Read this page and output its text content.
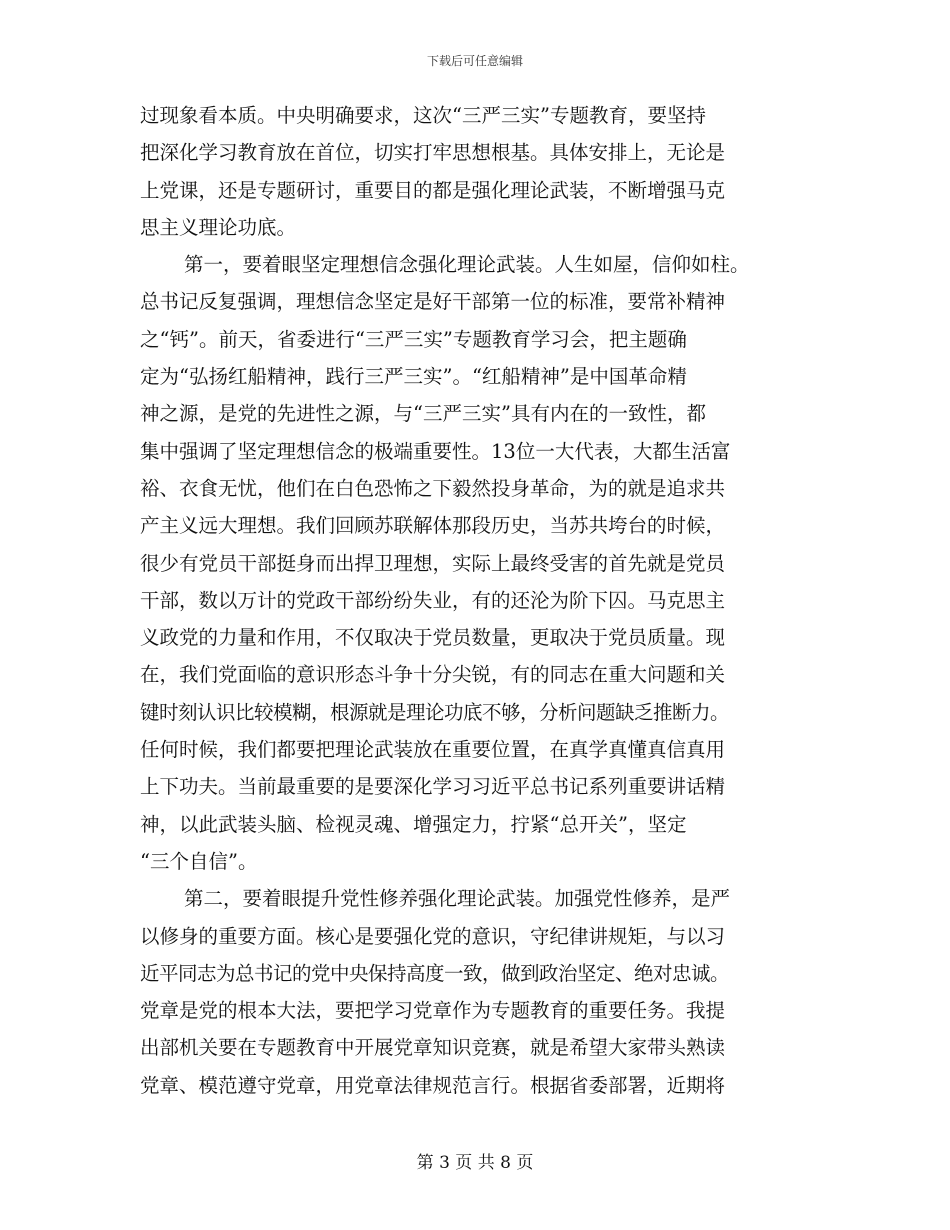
下载后可任意编辑
过现象看本质。中央明确要求，这次“三严三实”专题教育，要坚持
把深化学习教育放在首位，切实打牢思想根基。具体安排上，无论是
上党课，还是专题研讨，重要目的都是强化理论武装，不断增强马克
思主义理论功底。
第一，要着眼坚定理想信念强化理论武装。人生如屋，信仰如柱。
总书记反复强调，理想信念坚定是好干部第一位的标准，要常补精神
之“钙”。前天，省委进行“三严三实”专题教育学习会，把主题确
定为“弘扬红船精神，践行三严三实”。“红船精神”是中国革命精
神之源，是党的先进性之源，与“三严三实”具有内在的一致性，都
集中强调了坚定理想信念的极端重要性。13位一大代表，大都生活富
裕、衣食无忧，他们在白色恐怖之下毅然投身革命，为的就是追求共
产主义远大理想。我们回顾苏联解体那段历史，当苏共垮台的时候，
很少有党员干部挺身而出捍卫理想，实际上最终受害的首先就是党员
干部，数以万计的党政干部纷纷失业，有的还沦为阶下囚。马克思主
义政党的力量和作用，不仅取决于党员数量，更取决于党员质量。现
在，我们党面临的意识形态斗争十分尖锐，有的同志在重大问题和关
键时刻认识比较模糊，根源就是理论功底不够，分析问题缺乏推断力。
任何时候，我们都要把理论武装放在重要位置，在真学真懂真信真用
上下功夫。当前最重要的是要深化学习习近平总书记系列重要讲话精
神，以此武装头脑、检视灵魂、增强定力，拧紧“总开关”，坚定
“三个自信”。
第二，要着眼提升党性修养强化理论武装。加强党性修养，是严
以修身的重要方面。核心是要强化党的意识，守纪律讲规矩，与以习
近平同志为总书记的党中央保持高度一致，做到政治坚定、绝对忠诚。
党章是党的根本大法，要把学习党章作为专题教育的重要任务。我提
出部机关要在专题教育中开展党章知识竞赛，就是希望大家带头熟读
党章、模范遵守党章，用党章法律规范言行。根据省委部署，近期将
第 3 页 共 8 页
